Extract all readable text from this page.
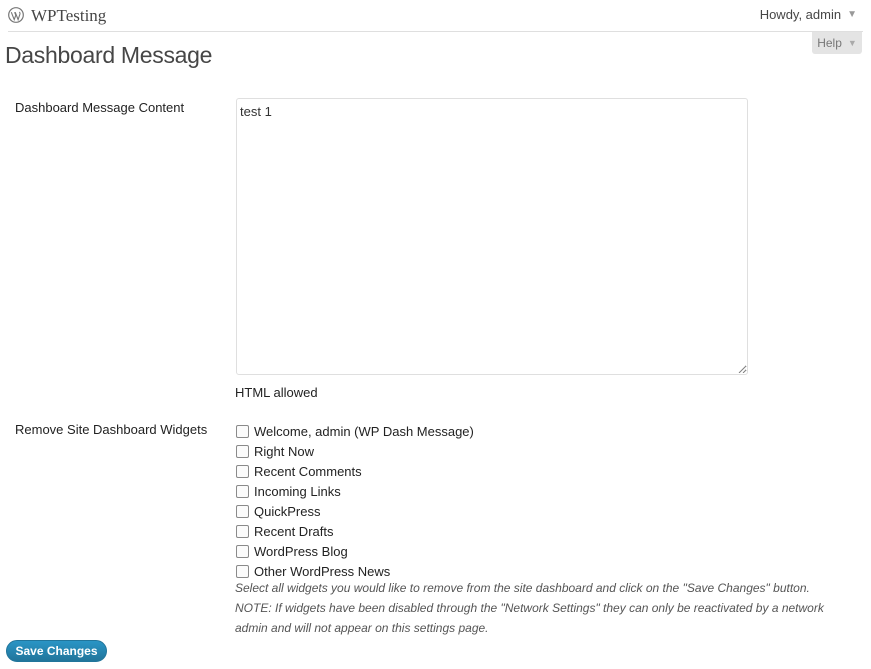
WPTesting	Howdy, admin ▼
Help ▼
Dashboard Message
Dashboard Message Content
test 1
HTML allowed
Remove Site Dashboard Widgets	Welcome, admin (WP Dash Message)
Right Now
Recent Comments
Incoming Links
QuickPress
Recent Drafts
WordPress Blog
Other WordPress News

Select all widgets you would like to remove from the site dashboard and click on the "Save Changes" button.

NOTE: If widgets have been disabled through the "Network Settings" they can only be reactivated by a network admin and will not appear on this settings page.

Save Changes
